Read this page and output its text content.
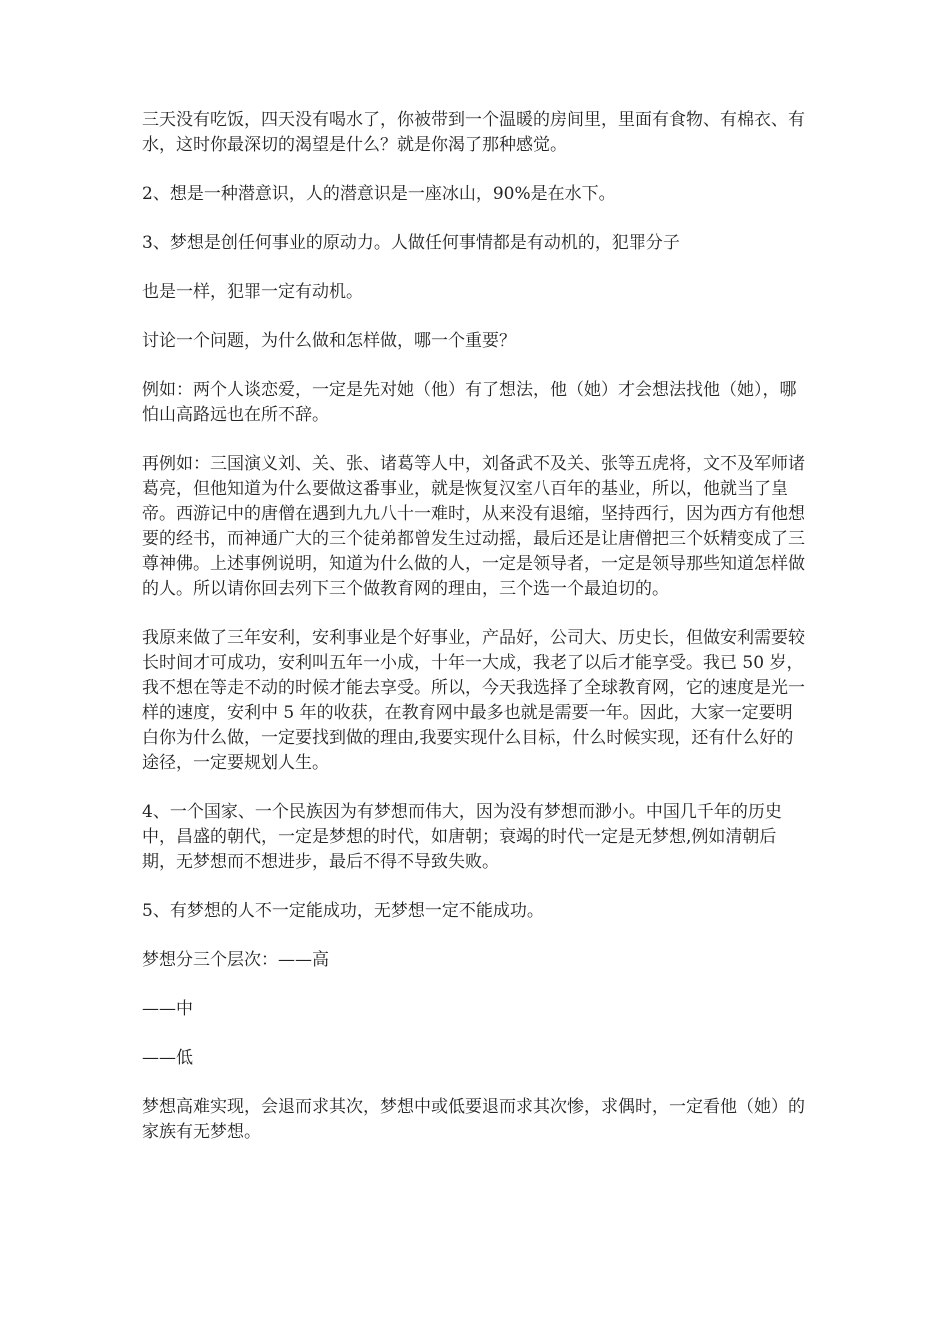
三天没有吃饭，四天没有喝水了，你被带到一个温暖的房间里，里面有食物、有棉衣、有水，这时你最深切的渴望是什么？就是你渴了那种感觉。

2、想是一种潜意识，人的潜意识是一座冰山，90%是在水下。

3、梦想是创任何事业的原动力。人做任何事情都是有动机的，犯罪分子

也是一样，犯罪一定有动机。

讨论一个问题，为什么做和怎样做，哪一个重要？

例如：两个人谈恋爱，一定是先对她（他）有了想法，他（她）才会想法找他（她），哪怕山高路远也在所不辞。

再例如：三国演义刘、关、张、诸葛等人中，刘备武不及关、张等五虎将，文不及军师诸葛亮，但他知道为什么要做这番事业，就是恢复汉室八百年的基业，所以，他就当了皇帝。西游记中的唐僧在遇到九九八十一难时，从来没有退缩，坚持西行，因为西方有他想要的经书，而神通广大的三个徒弟都曾发生过动摇，最后还是让唐僧把三个妖精变成了三尊神佛。上述事例说明，知道为什么做的人，一定是领导者，一定是领导那些知道怎样做的人。所以请你回去列下三个做教育网的理由，三个选一个最迫切的。

我原来做了三年安利，安利事业是个好事业，产品好，公司大、历史长，但做安利需要较长时间才可成功，安利叫五年一小成，十年一大成，我老了以后才能享受。我已 50 岁，我不想在等走不动的时候才能去享受。所以，今天我选择了全球教育网，它的速度是光一样的速度，安利中 5 年的收获，在教育网中最多也就是需要一年。因此，大家一定要明白你为什么做，一定要找到做的理由,我要实现什么目标，什么时候实现，还有什么好的途径，一定要规划人生。

4、一个国家、一个民族因为有梦想而伟大，因为没有梦想而渺小。中国几千年的历史中，昌盛的朝代，一定是梦想的时代，如唐朝；衰竭的时代一定是无梦想,例如清朝后期，无梦想而不想进步，最后不得不导致失败。

5、有梦想的人不一定能成功，无梦想一定不能成功。

梦想分三个层次：——高

——中

——低

梦想高难实现，会退而求其次，梦想中或低要退而求其次惨，求偶时，一定看他（她）的家族有无梦想。
